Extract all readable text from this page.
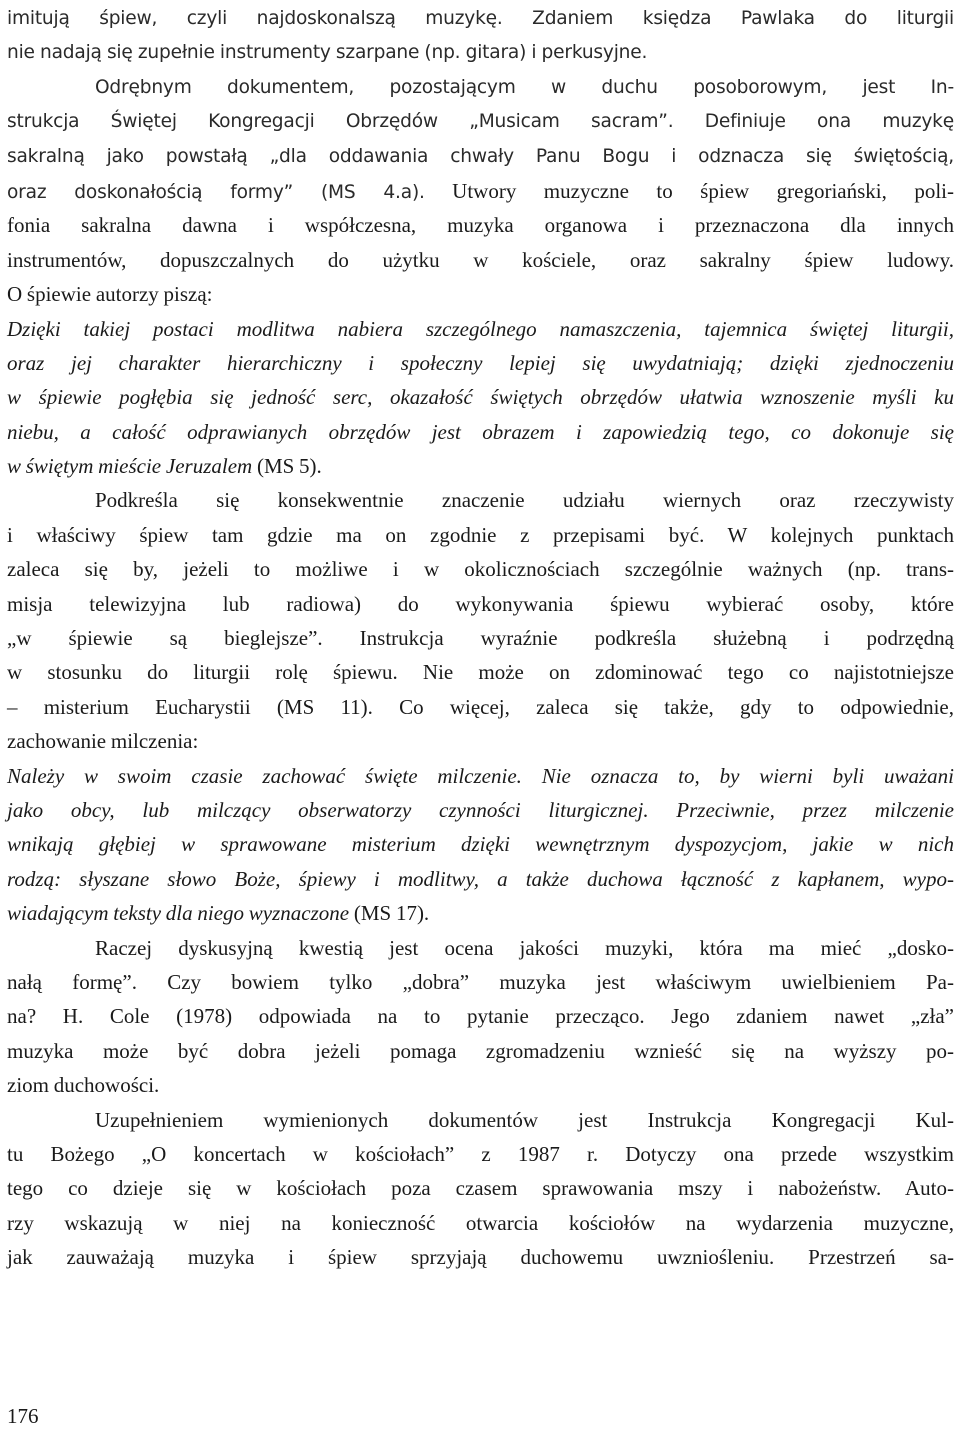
imitują śpiew, czyli najdoskonalszą muzykę. Zdaniem księdza Pawlaka do liturgii
nie nadają się zupełnie instrumenty szarpane (np. gitara) i perkusyjne.
Odrębnym dokumentem, pozostającym w duchu posoborowym, jest In-
strukcja Świętej Kongregacji Obrzędów „Musicam sacram”. Definiuje ona muzykę
sakralną jako powstałą „dla oddawania chwały Panu Bogu i odznacza się świętością,
oraz doskonałością formy” (MS 4.a). Utwory muzyczne to śpiew gregoriański, poli-
fonia sakralna dawna i współczesna, muzyka organowa i przeznaczona dla innych
instrumentów, dopuszczalnych do użytku w kościele, oraz sakralny śpiew ludowy.
O śpiewie autorzy piszą:
Dzięki takiej postaci modlitwa nabiera szczególnego namaszczenia, tajemnica świętej liturgii,
oraz jej charakter hierarchiczny i społeczny lepiej się uwydatniają; dzięki zjednoczeniu
w śpiewie pogłębia się jedność serc, okazałość świętych obrzędów ułatwia wznoszenie myśli ku
niebu, a całość odprawianych obrzędów jest obrazem i zapowiedzią tego, co dokonuje się
w świętym mieście Jeruzalem (MS 5).
Podkreśla się konsekwentnie znaczenie udziału wiernych oraz rzeczywisty
i właściwy śpiew tam gdzie ma on zgodnie z przepisami być. W kolejnych punktach
zaleca się by, jeżeli to możliwe i w okolicznościach szczególnie ważnych (np. trans-
misja telewizyjna lub radiowa) do wykonywania śpiewu wybierać osoby, które
„w śpiewie są bieglejsze”. Instrukcja wyraźnie podkreśla służebną i podrzędną
w stosunku do liturgii rolę śpiewu. Nie może on zdominować tego co najistotniejsze
– misterium Eucharystii (MS 11). Co więcej, zaleca się także, gdy to odpowiednie,
zachowanie milczenia:
Należy w swoim czasie zachować święte milczenie. Nie oznacza to, by wierni byli uważani
jako obcy, lub milczący obserwatorzy czynności liturgicznej. Przeciwnie, przez milczenie
wnikają głębiej w sprawowane misterium dzięki wewnętrznym dyspozycjom, jakie w nich
rodzą: słyszane słowo Boże, śpiewy i modlitwy, a także duchowa łączność z kapłanem, wypo-
wiadającym teksty dla niego wyznaczone (MS 17).
Raczej dyskusyjną kwestią jest ocena jakości muzyki, która ma mieć „dosko-
nałą formę”. Czy bowiem tylko „dobra” muzyka jest właściwym uwielbieniem Pa-
na? H. Cole (1978) odpowiada na to pytanie przecząco. Jego zdaniem nawet „zła”
muzyka może być dobra jeżeli pomaga zgromadzeniu wznieść się na wyższy po-
ziom duchowości.
Uzupełnieniem wymienionych dokumentów jest Instrukcja Kongregacji Kul-
tu Bożego „O koncertach w kościołach” z 1987 r. Dotyczy ona przede wszystkim
tego co dzieje się w kościołach poza czasem sprawowania mszy i nabożeństw. Auto-
rzy wskazują w niej na konieczność otwarcia kościołów na wydarzenia muzyczne,
jak zauważają muzyka i śpiew sprzyjają duchowemu uwzniośleniu. Przestrzeń sa-
176
